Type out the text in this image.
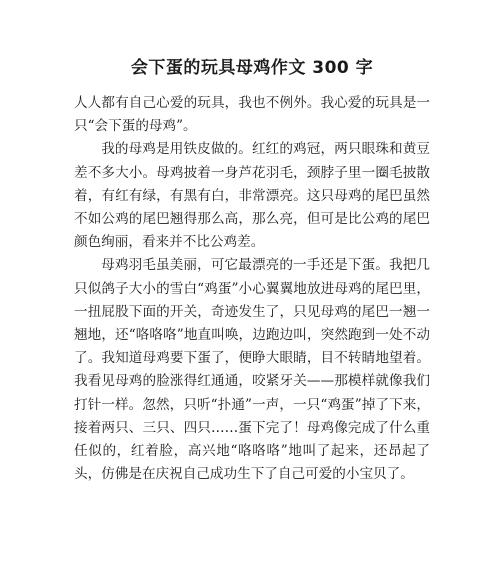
会下蛋的玩具母鸡作文 300 字

人人都有自己心爱的玩具，我也不例外。我心爱的玩具是一只“会下蛋的母鸡”。

我的母鸡是用铁皮做的。红红的鸡冠，两只眼珠和黄豆差不多大小。母鸡披着一身芦花羽毛，颈脖子里一圈毛披散着，有红有绿，有黑有白，非常漂亮。这只母鸡的尾巴虽然不如公鸡的尾巴翘得那么高，那么亮，但可是比公鸡的尾巴颜色绚丽，看来并不比公鸡差。

母鸡羽毛虽美丽，可它最漂亮的一手还是下蛋。我把几只似鸽子大小的雪白“鸡蛋”小心翼翼地放进母鸡的尾巴里，一扭屁股下面的开关，奇迹发生了，只见母鸡的尾巴一翘一翘地，还“咯咯咯”地直叫唤，边跑边叫，突然跑到一处不动了。我知道母鸡要下蛋了，便睁大眼睛，目不转睛地望着。我看见母鸡的脸涨得红通通，咬紧牙关——那模样就像我们打针一样。忽然，只听“扑通”一声，一只“鸡蛋”掉了下来，接着两只、三只、四只……蛋下完了！母鸡像完成了什么重任似的，红着脸，高兴地“咯咯咯”地叫了起来，还昂起了头，仿佛是在庆祝自己成功生下了自己可爱的小宝贝了。
